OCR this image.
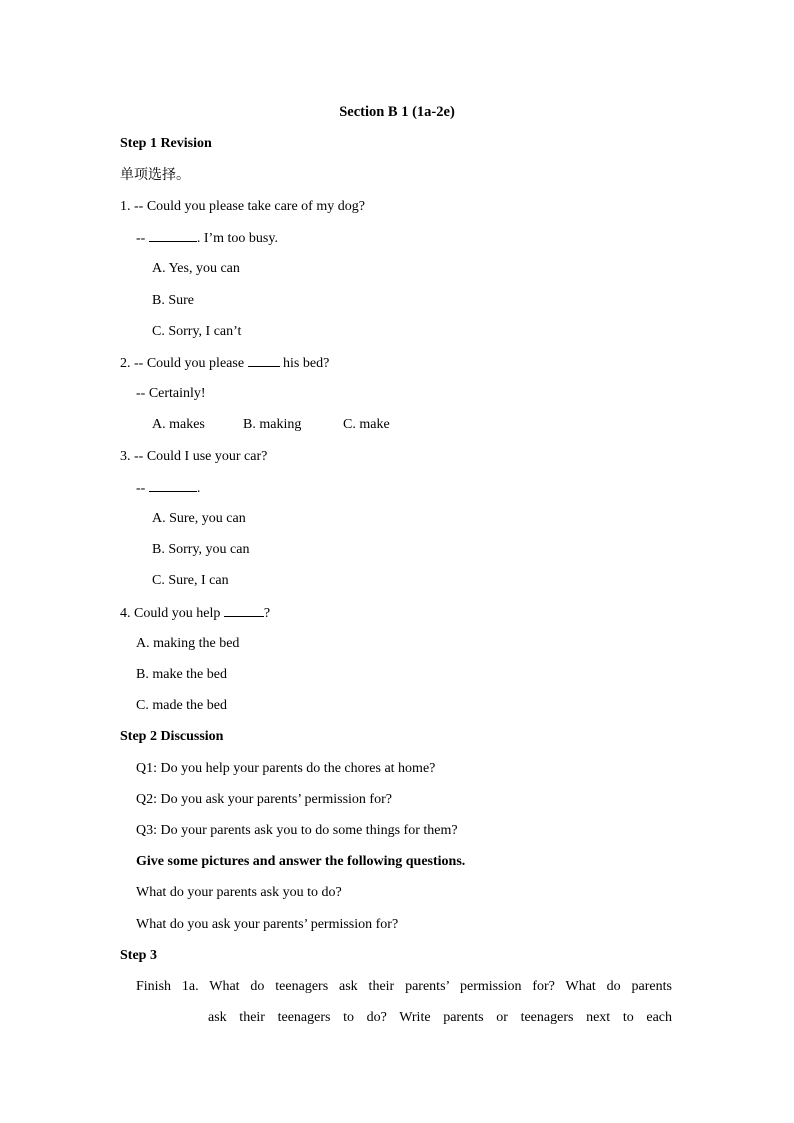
Section B 1 (1a-2e)
Step 1 Revision
单项选择。
1. -- Could you please take care of my dog?
--	. I’m too busy.
A. Yes, you can
B. Sure
C. Sorry, I can’t
2. -- Could you please  his bed?
-- Certainly!
A. makes	B. making	C. make
3. -- Could I use your car?
--	.
A. Sure, you can
B. Sorry, you can
C. Sure, I can
4. Could you help	?
A. making the bed
B. make the bed
C. made the bed
Step 2 Discussion
Q1: Do you help your parents do the chores at home?
Q2: Do you ask your parents’ permission for?
Q3: Do your parents ask you to do some things for them?
Give some pictures and answer the following questions.
What do your parents ask you to do?
What do you ask your parents’ permission for?
Step 3
Finish 1a. What do teenagers ask their parents’ permission for? What do parents
ask their teenagers to do? Write parents or teenagers next to each
